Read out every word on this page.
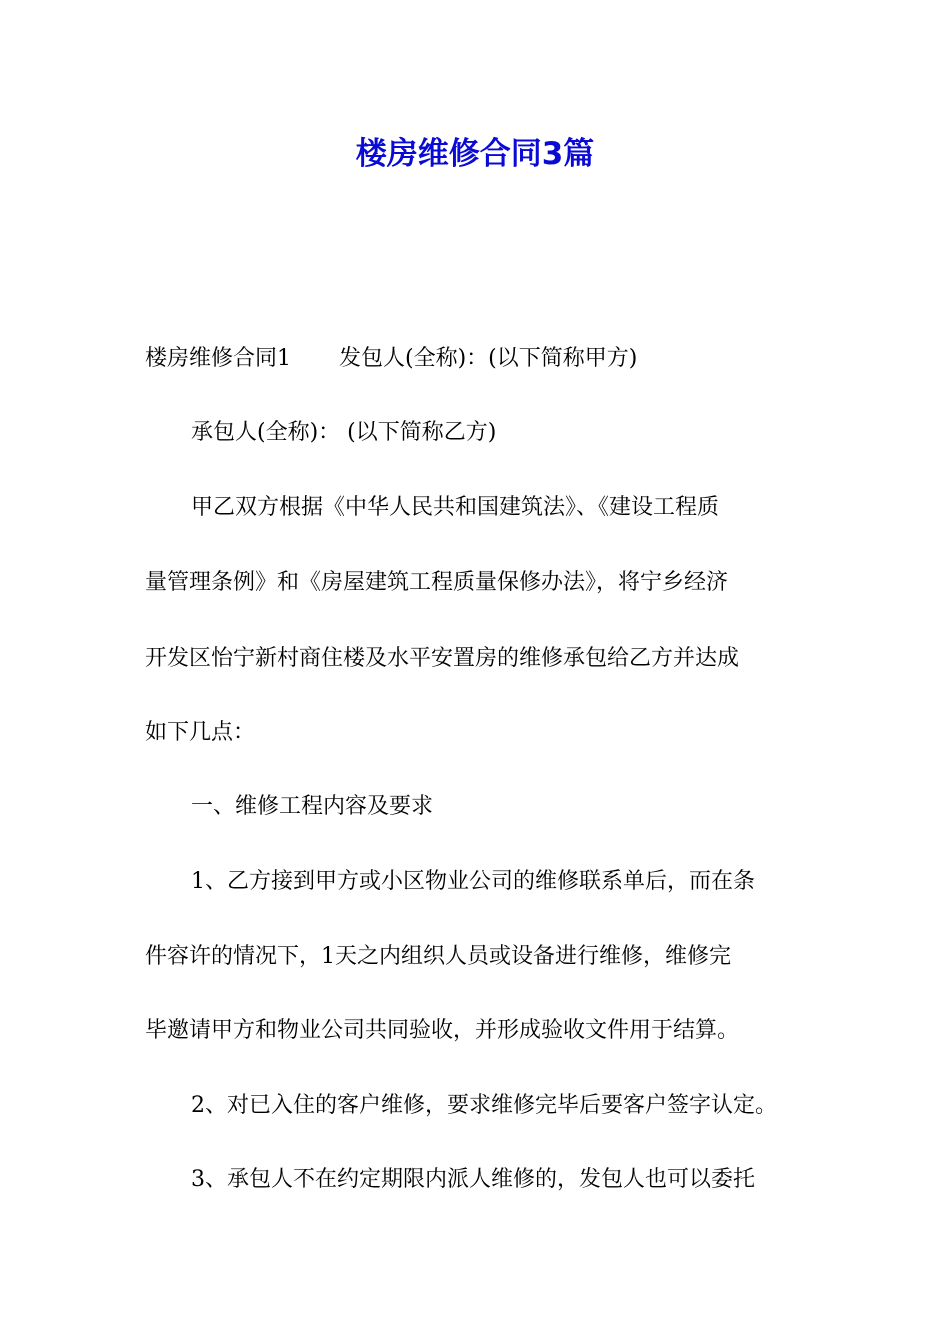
楼房维修合同3篇

楼房维修合同1 发包人(全称)：(以下简称甲方)

承包人(全称)： (以下简称乙方)

甲乙双方根据《中华人民共和国建筑法》、《建设工程质

量管理条例》和《房屋建筑工程质量保修办法》，将宁乡经济

开发区怡宁新村商住楼及水平安置房的维修承包给乙方并达成

如下几点：

一、维修工程内容及要求

1、乙方接到甲方或小区物业公司的维修联系单后，而在条

件容许的情况下，1天之内组织人员或设备进行维修，维修完

毕邀请甲方和物业公司共同验收，并形成验收文件用于结算。

2、对已入住的客户维修，要求维修完毕后要客户签字认定。

3、承包人不在约定期限内派人维修的，发包人也可以委托
